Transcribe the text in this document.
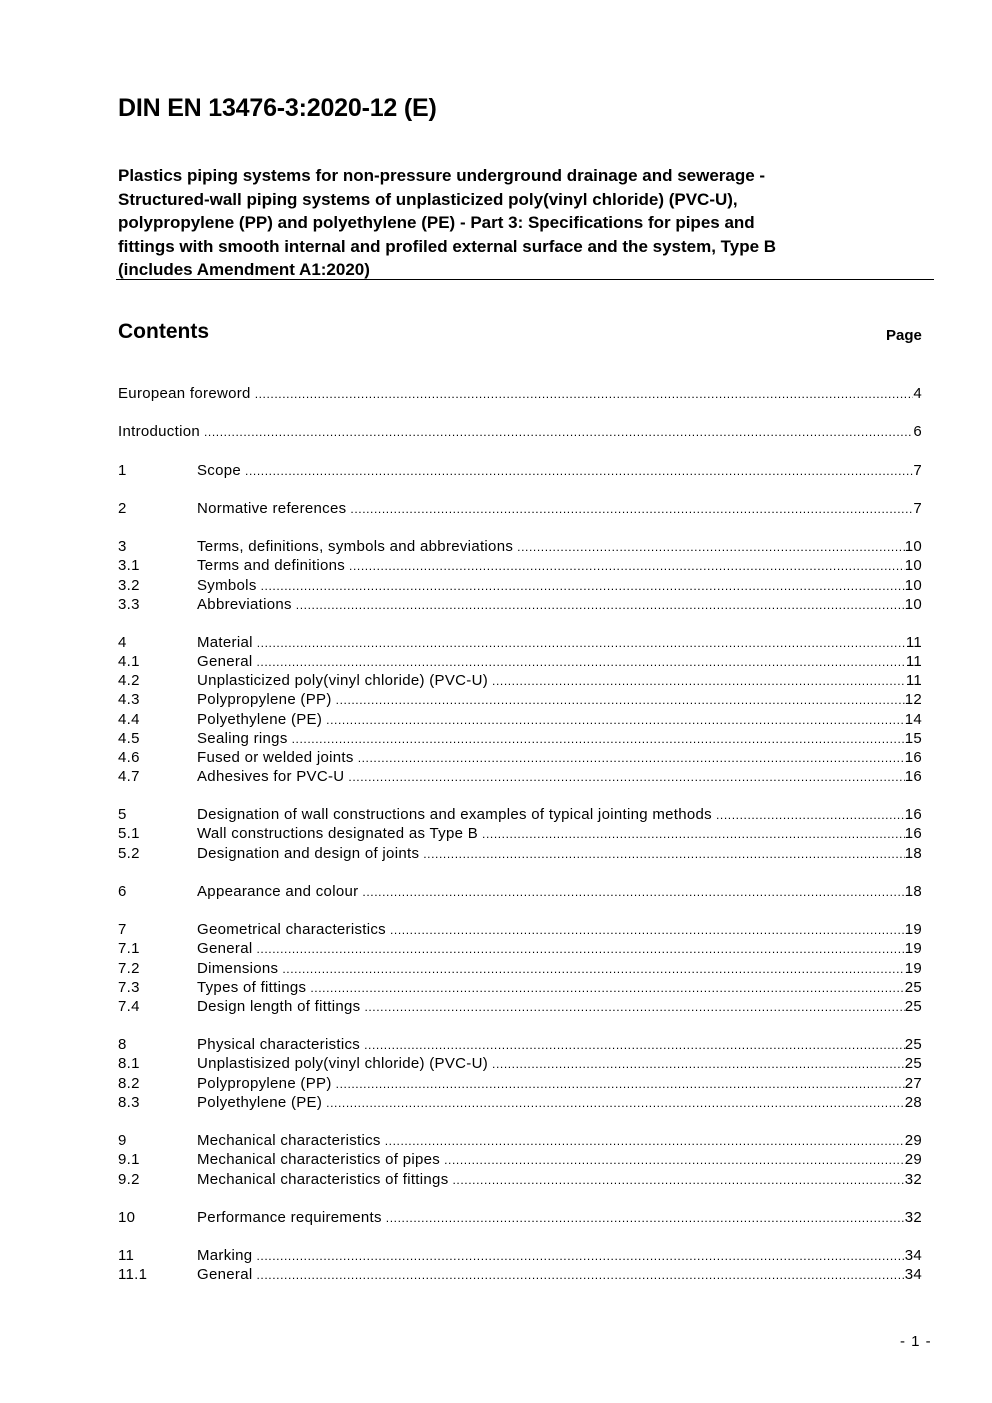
DIN EN 13476-3:2020-12 (E)
Plastics piping systems for non-pressure underground drainage and sewerage -
Structured-wall piping systems of unplasticized poly(vinyl chloride) (PVC-U),
polypropylene (PP) and polyethylene (PE) - Part 3: Specifications for pipes and
fittings with smooth internal and profiled external surface and the system, Type B
(includes Amendment A1:2020)
Contents	Page
European foreword .....	4
Introduction .....	6
1	Scope .....	7
2	Normative references .....	7
3	Terms, definitions, symbols and abbreviations .....	10
3.1	Terms and definitions .....	10
3.2	Symbols .....	10
3.3	Abbreviations .....	10
4	Material .....	11
4.1	General .....	11
4.2	Unplasticized poly(vinyl chloride) (PVC-U) .....	11
4.3	Polypropylene (PP) .....	12
4.4	Polyethylene (PE) .....	14
4.5	Sealing rings .....	15
4.6	Fused or welded joints .....	16
4.7	Adhesives for PVC-U .....	16
5	Designation of wall constructions and examples of typical jointing methods .....	16
5.1	Wall constructions designated as Type B .....	16
5.2	Designation and design of joints .....	18
6	Appearance and colour .....	18
7	Geometrical characteristics .....	19
7.1	General .....	19
7.2	Dimensions .....	19
7.3	Types of fittings .....	25
7.4	Design length of fittings .....	25
8	Physical characteristics .....	25
8.1	Unplastisized poly(vinyl chloride) (PVC-U) .....	25
8.2	Polypropylene (PP) .....	27
8.3	Polyethylene (PE) .....	28
9	Mechanical characteristics .....	29
9.1	Mechanical characteristics of pipes .....	29
9.2	Mechanical characteristics of fittings .....	32
10	Performance requirements .....	32
11	Marking .....	34
11.1	General .....	34
- 1 -
